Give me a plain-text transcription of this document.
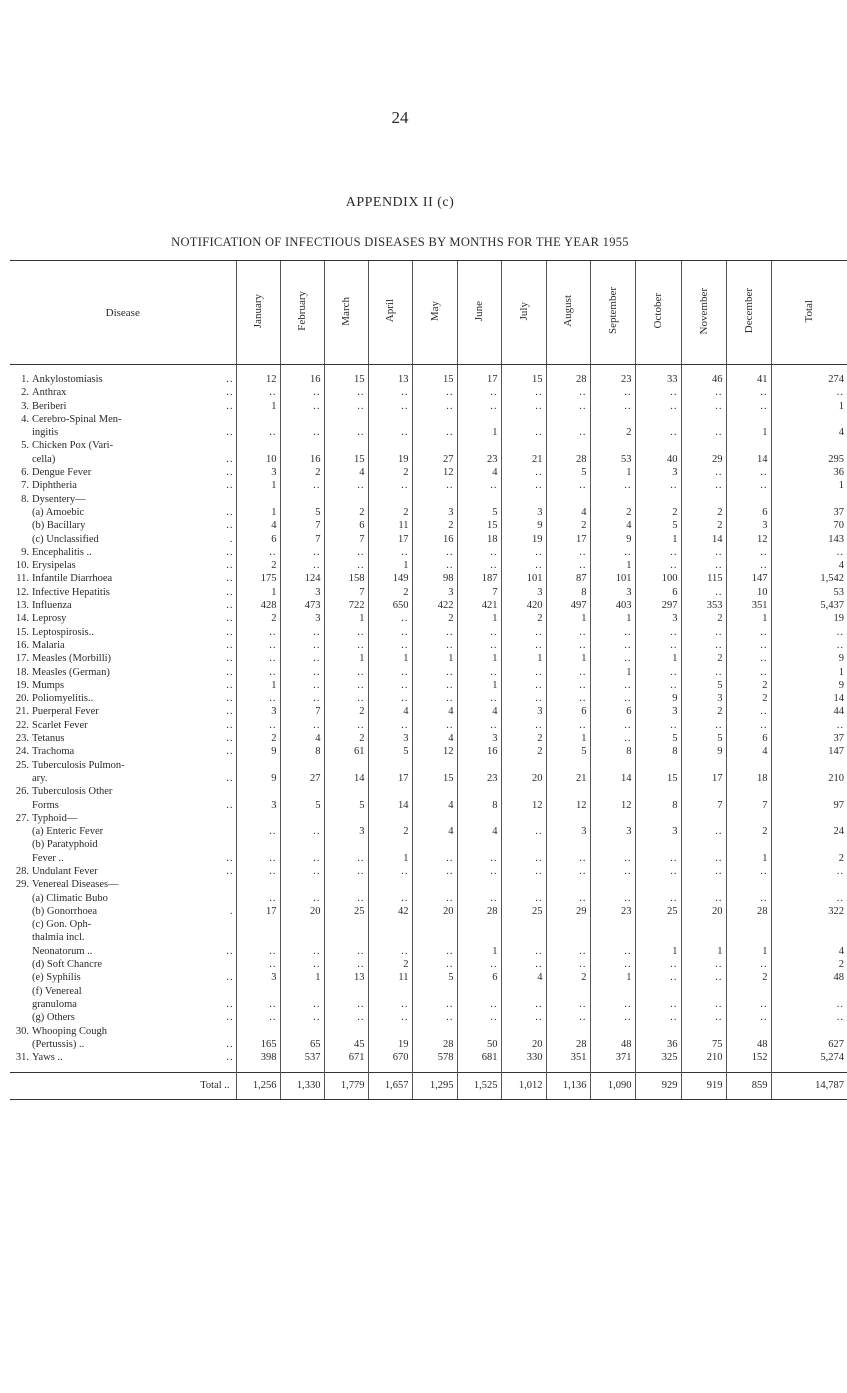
24
APPENDIX II (c)
NOTIFICATION OF INFECTIOUS DISEASES BY MONTHS FOR THE YEAR 1955
Disease	January	February	March	April	May	June	July	August	September	October	November	December	Total

1. Ankylostomiasis ..	12	16	15	13	15	17	15	28	23	33	46	41	274

2. Anthrax ..	..	..	..	..	..	..	..	..	..	..	..	..	..

3. Beriberi ..	1	..	..	..	..	..	..	..	..	..	..	..	1

4. Cerebro-Spinal Men-													

ingitis ..	..	..	..	..	..	1	..	..	2	..	..	1	4

5. Chicken Pox (Vari-													

cella) ..	10	16	15	19	27	23	21	28	53	40	29	14	295

6. Dengue Fever ..	3	2	4	2	12	4	..	5	1	3	..	..	36

7. Diphtheria ..	1	..	..	..	..	..	..	..	..	..	..	..	1

8. Dysentery—													

(a) Amoebic ..	1	5	2	2	3	5	3	4	2	2	2	6	37

(b) Bacillary ..	4	7	6	11	2	15	9	2	4	5	2	3	70

(c) Unclassified .	6	7	7	17	16	18	19	17	9	1	14	12	143

9. Encephalitis .. ..	..	..	..	..	..	..	..	..	..	..	..	..	..

10. Erysipelas ..	2	..	..	1	..	..	..	..	1	..	..	..	4

11. Infantile Diarrhoea ..	175	124	158	149	98	187	101	87	101	100	115	147	1,542

12. Infective Hepatitis ..	1	3	7	2	3	7	3	8	3	6	..	10	53

13. Influenza ..	428	473	722	650	422	421	420	497	403	297	353	351	5,437

14. Leprosy ..	2	3	1	..	2	1	2	1	1	3	2	1	19

15. Leptospirosis.. ..	..	..	..	..	..	..	..	..	..	..	..	..	..

16. Malaria ..	..	..	..	..	..	..	..	..	..	..	..	..	..

17. Measles (Morbilli) ..	..	..	1	1	1	1	1	1	..	1	2	..	9

18. Measles (German) ..	..	..	..	..	..	..	..	..	1	..	..	..	1

19. Mumps ..	1	..	..	..	..	1	..	..	..	..	5	2	9

20. Poliomyelitis.. ..	..	..	..	..	..	..	..	..	..	9	3	2	14

21. Puerperal Fever ..	3	7	2	4	4	4	3	6	6	3	2	..	44

22. Scarlet Fever ..	..	..	..	..	..	..	..	..	..	..	..	..	..

23. Tetanus ..	2	4	2	3	4	3	2	1	..	5	5	6	37

24. Trachoma ..	9	8	61	5	12	16	2	5	8	8	9	4	147

25. Tuberculosis Pulmon-													

ary. ..	9	27	14	17	15	23	20	21	14	15	17	18	210

26. Tuberculosis Other													

Forms ..	3	5	5	14	4	8	12	12	12	8	7	7	97

27. Typhoid—													

(a) Enteric Fever	..	..	3	2	4	4	..	3	3	3	..	2	24

(b) Paratyphoid													

Fever .. ..	..	..	..	1	..	..	..	..	..	..	..	1	2

28. Undulant Fever ..	..	..	..	..	..	..	..	..	..	..	..	..	..

29. Venereal Diseases—													

(a) Climatic Bubo	..	..	..	..	..	..	..	..	..	..	..	..	..

(b) Gonorrhoea .	17	20	25	42	20	28	25	29	23	25	20	28	322

(c) Gon. Oph-													

thalmia incl.													

Neonatorum .. ..	..	..	..	..	..	1	..	..	..	1	1	1	4

(d) Soft Chancre	..	..	..	2	..	..	..	..	..	..	..	..	2

(e) Syphilis ..	3	1	13	11	5	6	4	2	1	..	..	2	48

(f) Venereal													

granuloma ..	..	..	..	..	..	..	..	..	..	..	..	..	..

(g) Others ..	..	..	..	..	..	..	..	..	..	..	..	..	..

30. Whooping Cough													

(Pertussis) .. ..	165	65	45	19	28	50	20	28	48	36	75	48	627

31. Yaws .. ..	398	537	671	670	578	681	330	351	371	325	210	152	5,274

Total ..	1,256	1,330	1,779	1,657	1,295	1,525	1,012	1,136	1,090	929	919	859	14,787
